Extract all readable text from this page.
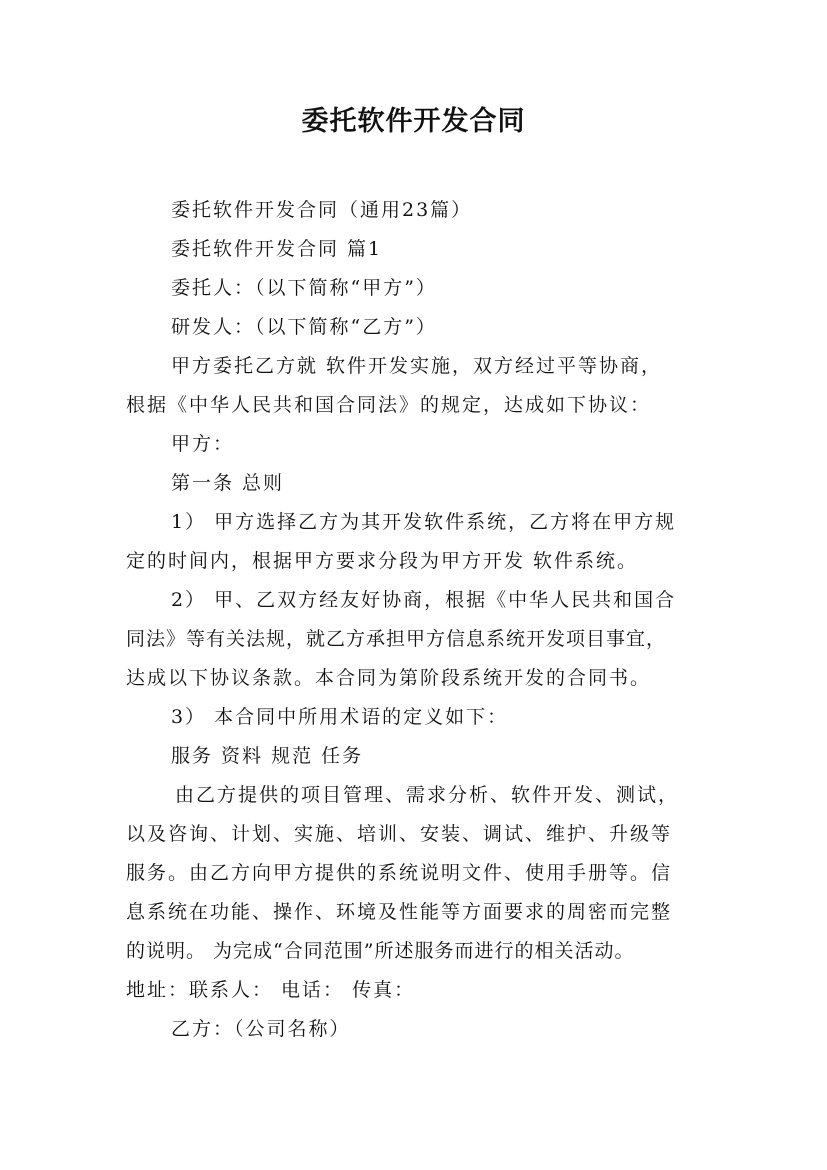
委托软件开发合同
委托软件开发合同（通用23篇）
委托软件开发合同 篇1
委托人：（以下简称“甲方”）
研发人：（以下简称“乙方”）
甲方委托乙方就 软件开发实施，双方经过平等协商，
根据《中华人民共和国合同法》的规定，达成如下协议：
甲方：
第一条 总则
1） 甲方选择乙方为其开发软件系统，乙方将在甲方规
定的时间内，根据甲方要求分段为甲方开发 软件系统。
2） 甲、乙双方经友好协商，根据《中华人民共和国合
同法》等有关法规，就乙方承担甲方信息系统开发项目事宜，
达成以下协议条款。本合同为第阶段系统开发的合同书。
3） 本合同中所用术语的定义如下：
服务 资料 规范 任务
由乙方提供的项目管理、需求分析、软件开发、测试，
以及咨询、计划、实施、培训、安装、调试、维护、升级等
服务。由乙方向甲方提供的系统说明文件、使用手册等。信
息系统在功能、操作、环境及性能等方面要求的周密而完整
的说明。 为完成“合同范围”所述服务而进行的相关活动。
地址：联系人： 电话： 传真：
乙方：（公司名称）
